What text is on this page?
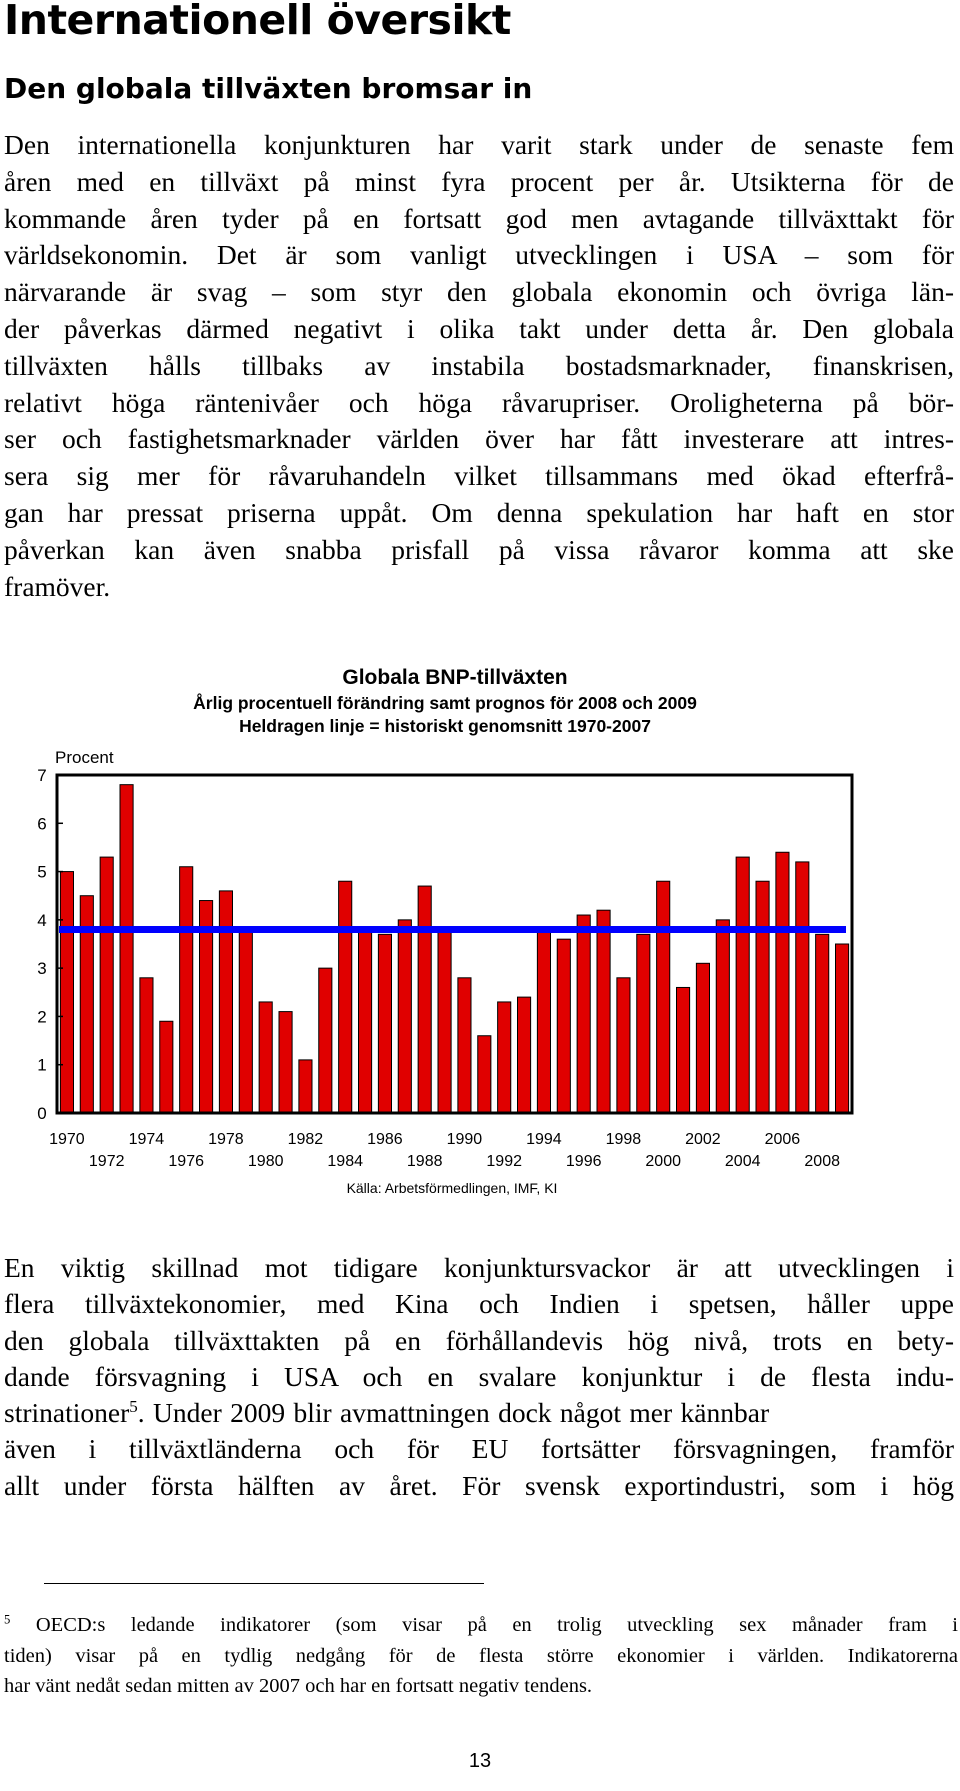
Internationell översikt
Den globala tillväxten bromsar in
Den internationella konjunkturen har varit stark under de senaste fem
åren med en tillväxt på minst fyra procent per år. Utsikterna för de
kommande åren tyder på en fortsatt god men avtagande tillväxttakt för
världsekonomin. Det är som vanligt utvecklingen i USA – som för
närvarande är svag – som styr den globala ekonomin och övriga län-
der påverkas därmed negativt i olika takt under detta år. Den globala
tillväxten hålls tillbaks av instabila bostadsmarknader, finanskrisen,
relativt höga räntenivåer och höga råvarupriser. Oroligheterna på bör-
ser och fastighetsmarknader världen över har fått investerare att intres-
sera sig mer för råvaruhandeln vilket tillsammans med ökad efterfrå-
gan har pressat priserna uppåt. Om denna spekulation har haft en stor
påverkan kan även snabba prisfall på vissa råvaror komma att ske
framöver.
Globala BNP-tillväxten
Årlig procentuell förändring samt prognos för 2008 och 2009
Heldragen linje = historiskt genomsnitt 1970-2007
Procent
0
1
2
3
4
5
6
7
1970	1974	1978	1982	1986	1990	1994	1998	2002	2006
1972	1976	1980	1984	1988	1992	1996	2000	2004	2008
Källa: Arbetsförmedlingen, IMF, KI
En viktig skillnad mot tidigare konjunktursvackor är att utvecklingen i
flera tillväxtekonomier, med Kina och Indien i spetsen, håller uppe
den globala tillväxttakten på en förhållandevis hög nivå, trots en bety-
dande försvagning i USA och en svalare konjunktur i de flesta indu-
strinationer$^5$. Under 2009 blir avmattningen dock något mer kännbar
även i tillväxtländerna och för EU fortsätter försvagningen, framför
allt under första hälften av året. För svensk exportindustri, som i hög
$^5$ OECD:s ledande indikatorer (som visar på en trolig utveckling sex månader fram i
tiden) visar på en tydlig nedgång för de flesta större ekonomier i världen. Indikatorerna
har vänt nedåt sedan mitten av 2007 och har en fortsatt negativ tendens.
13
